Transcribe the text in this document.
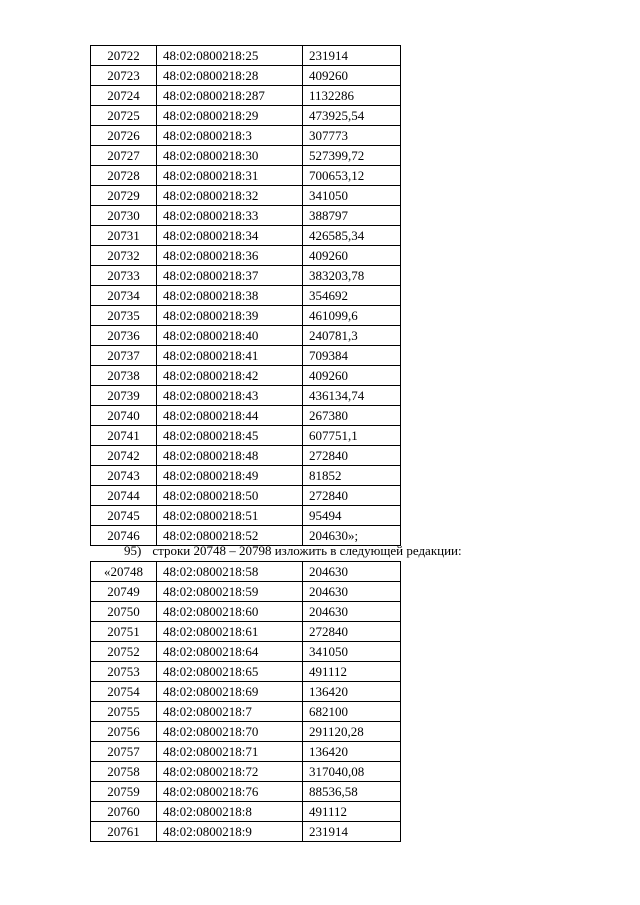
20722	48:02:0800218:25	231914
20723	48:02:0800218:28	409260
20724	48:02:0800218:287	1132286
20725	48:02:0800218:29	473925,54
20726	48:02:0800218:3	307773
20727	48:02:0800218:30	527399,72
20728	48:02:0800218:31	700653,12
20729	48:02:0800218:32	341050
20730	48:02:0800218:33	388797
20731	48:02:0800218:34	426585,34
20732	48:02:0800218:36	409260
20733	48:02:0800218:37	383203,78
20734	48:02:0800218:38	354692
20735	48:02:0800218:39	461099,6
20736	48:02:0800218:40	240781,3
20737	48:02:0800218:41	709384
20738	48:02:0800218:42	409260
20739	48:02:0800218:43	436134,74
20740	48:02:0800218:44	267380
20741	48:02:0800218:45	607751,1
20742	48:02:0800218:48	272840
20743	48:02:0800218:49	81852
20744	48:02:0800218:50	272840
20745	48:02:0800218:51	95494
20746	48:02:0800218:52	204630»;
95) строки 20748 – 20798 изложить в следующей редакции:
«20748	48:02:0800218:58	204630
20749	48:02:0800218:59	204630
20750	48:02:0800218:60	204630
20751	48:02:0800218:61	272840
20752	48:02:0800218:64	341050
20753	48:02:0800218:65	491112
20754	48:02:0800218:69	136420
20755	48:02:0800218:7	682100
20756	48:02:0800218:70	291120,28
20757	48:02:0800218:71	136420
20758	48:02:0800218:72	317040,08
20759	48:02:0800218:76	88536,58
20760	48:02:0800218:8	491112
20761	48:02:0800218:9	231914
